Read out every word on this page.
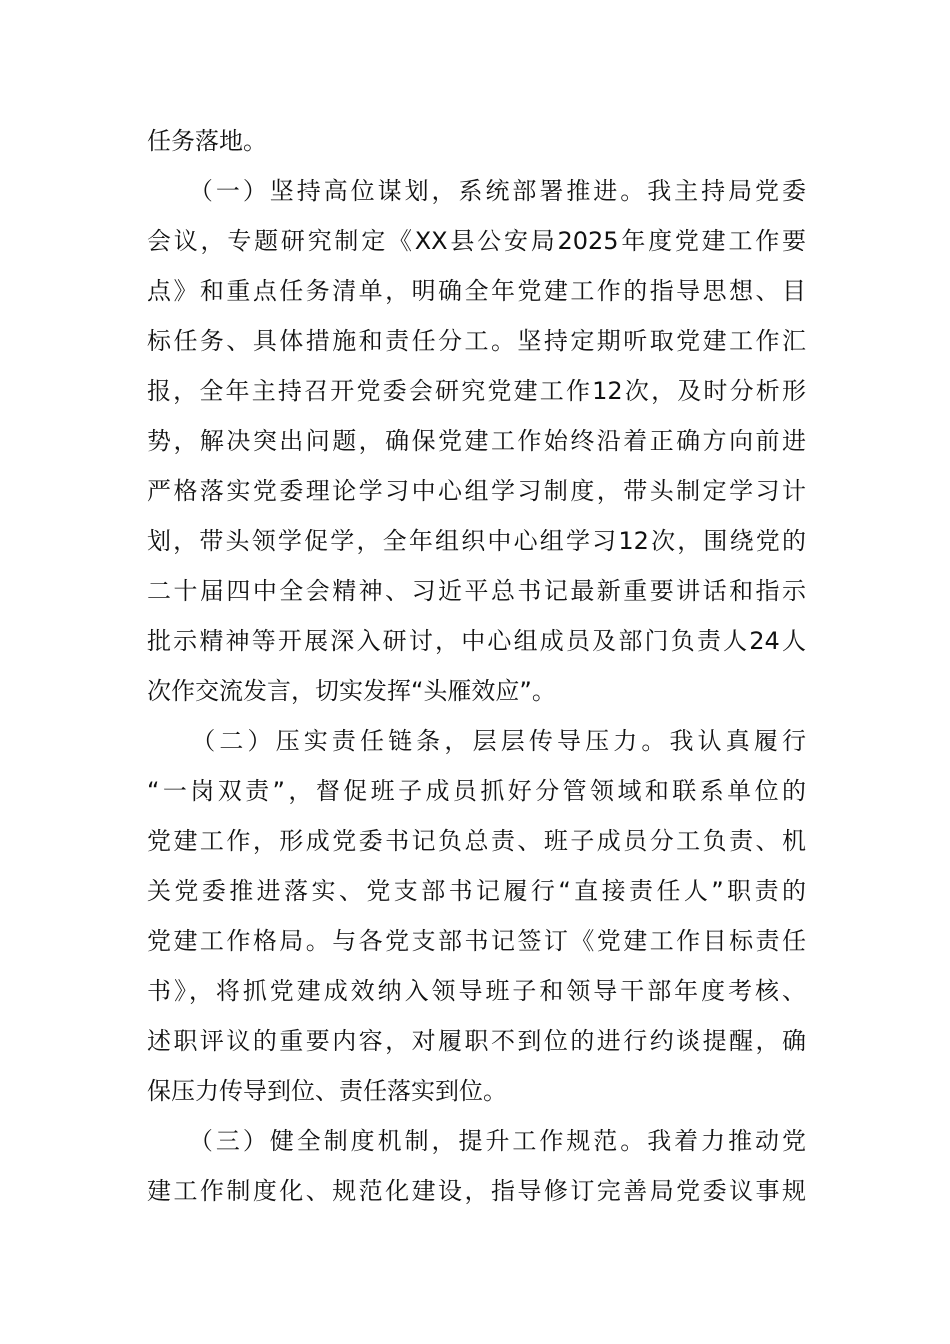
任务落地。
　　（一）坚持高位谋划，系统部署推进。我主持局党委
会议，专题研究制定《XX县公安局2025年度党建工作要
点》和重点任务清单，明确全年党建工作的指导思想、目
标任务、具体措施和责任分工。坚持定期听取党建工作汇
报，全年主持召开党委会研究党建工作12次，及时分析形
势，解决突出问题，确保党建工作始终沿着正确方向前进
严格落实党委理论学习中心组学习制度，带头制定学习计
划，带头领学促学，全年组织中心组学习12次，围绕党的
二十届四中全会精神、习近平总书记最新重要讲话和指示
批示精神等开展深入研讨，中心组成员及部门负责人24人
次作交流发言，切实发挥“头雁效应”。
　　（二）压实责任链条，层层传导压力。我认真履行
“一岗双责”，督促班子成员抓好分管领域和联系单位的
党建工作，形成党委书记负总责、班子成员分工负责、机
关党委推进落实、党支部书记履行“直接责任人”职责的
党建工作格局。与各党支部书记签订《党建工作目标责任
书》，将抓党建成效纳入领导班子和领导干部年度考核、
述职评议的重要内容，对履职不到位的进行约谈提醒，确
保压力传导到位、责任落实到位。
　　（三）健全制度机制，提升工作规范。我着力推动党
建工作制度化、规范化建设，指导修订完善局党委议事规
